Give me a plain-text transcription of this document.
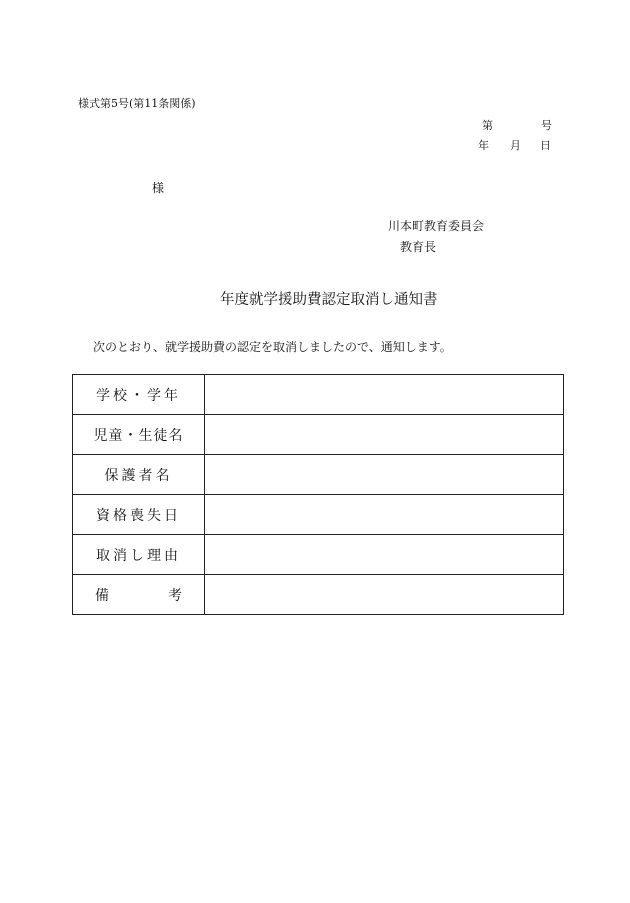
様式第5号(第11条関係)
第	号
年 月 日
様
川本町教育委員会
教育長
年度就学援助費認定取消し通知書
次のとおり、就学援助費の認定を取消しましたので、通知します。
学校・学年	
児童・生徒名	
保護者名	
資格喪失日	
取消し理由	
備考	
